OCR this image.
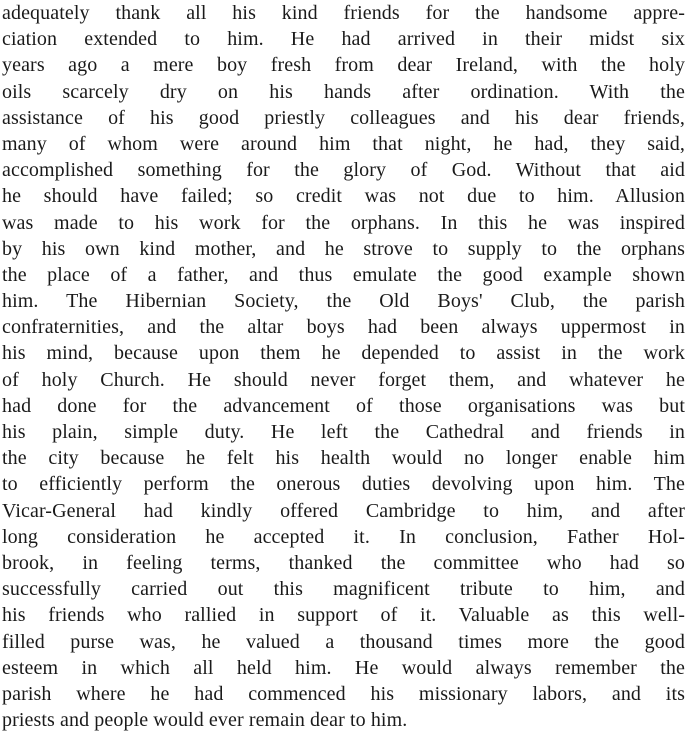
adequately thank all his kind friends for the handsome appre-
ciation extended to him. He had arrived in their midst six
years ago a mere boy fresh from dear Ireland, with the holy
oils scarcely dry on his hands after ordination. With the
assistance of his good priestly colleagues and his dear friends,
many of whom were around him that night, he had, they said,
accomplished something for the glory of God. Without that aid
he should have failed; so credit was not due to him. Allusion
was made to his work for the orphans. In this he was inspired
by his own kind mother, and he strove to supply to the orphans
the place of a father, and thus emulate the good example shown
him. The Hibernian Society, the Old Boys' Club, the parish
confraternities, and the altar boys had been always uppermost in
his mind, because upon them he depended to assist in the work
of holy Church. He should never forget them, and whatever he
had done for the advancement of those organisations was but
his plain, simple duty. He left the Cathedral and friends in
the city because he felt his health would no longer enable him
to efficiently perform the onerous duties devolving upon him. The
Vicar-General had kindly offered Cambridge to him, and after
long consideration he accepted it. In conclusion, Father Hol-
brook, in feeling terms, thanked the committee who had so
successfully carried out this magnificent tribute to him, and
his friends who rallied in support of it. Valuable as this well-
filled purse was, he valued a thousand times more the good
esteem in which all held him. He would always remember the
parish where he had commenced his missionary labors, and its
priests and people would ever remain dear to him.
